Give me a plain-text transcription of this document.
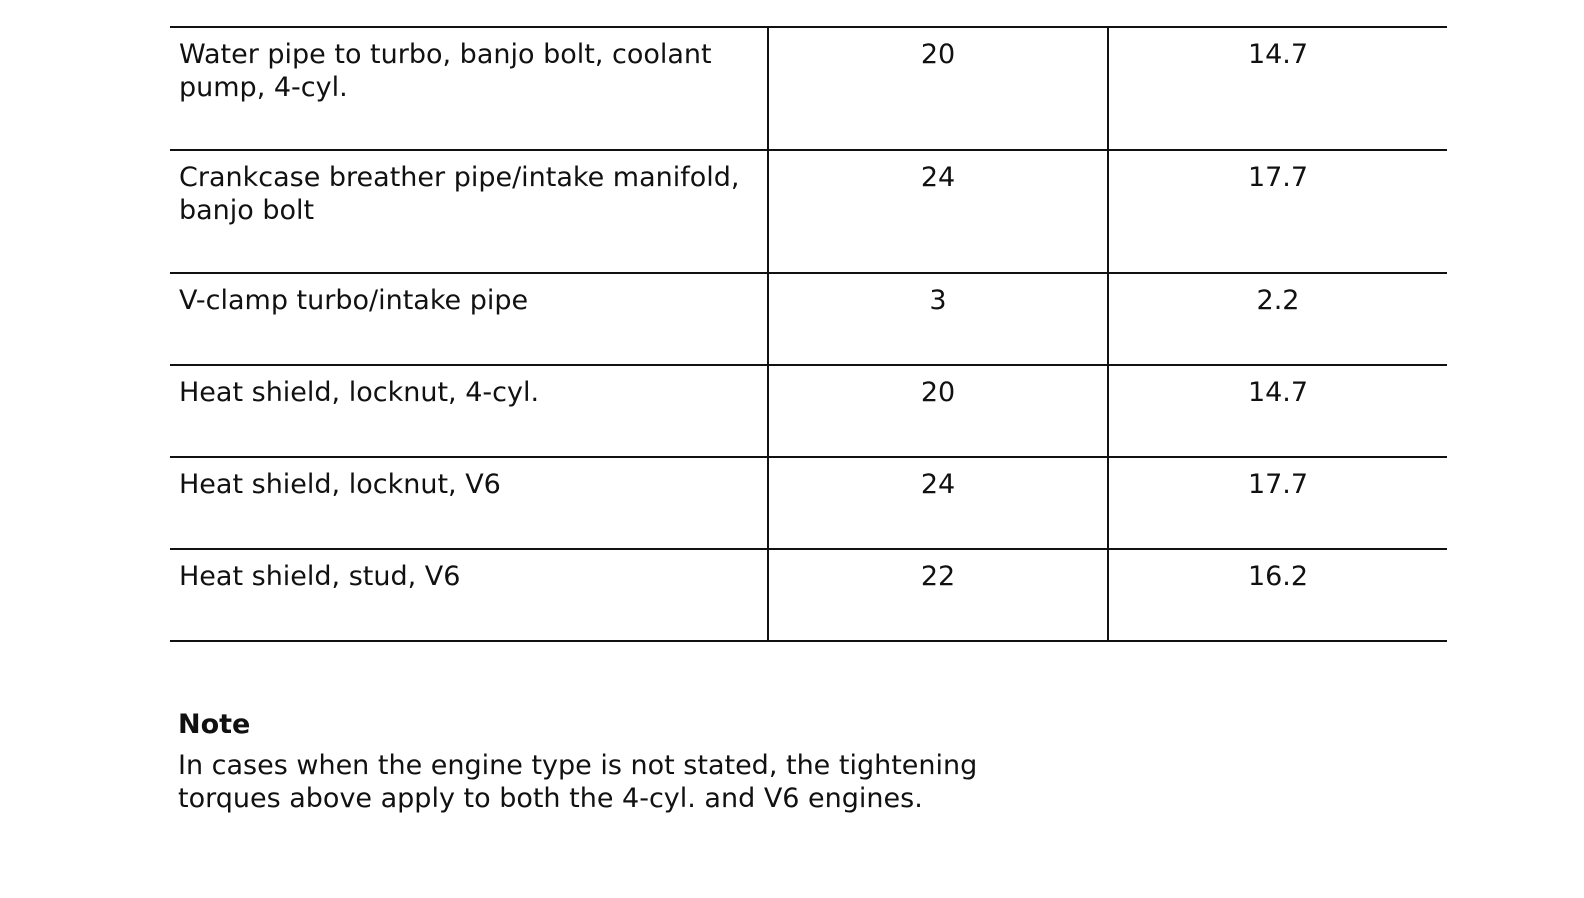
Water pipe to turbo, banjo bolt, coolant pump, 4-cyl.	20	14.7
Crankcase breather pipe/intake manifold, banjo bolt	24	17.7
V-clamp turbo/intake pipe	3	2.2
Heat shield, locknut, 4-cyl.	20	14.7
Heat shield, locknut, V6	24	17.7
Heat shield, stud, V6	22	16.2
Note
In cases when the engine type is not stated, the tightening torques above apply to both the 4-cyl. and V6 engines.
